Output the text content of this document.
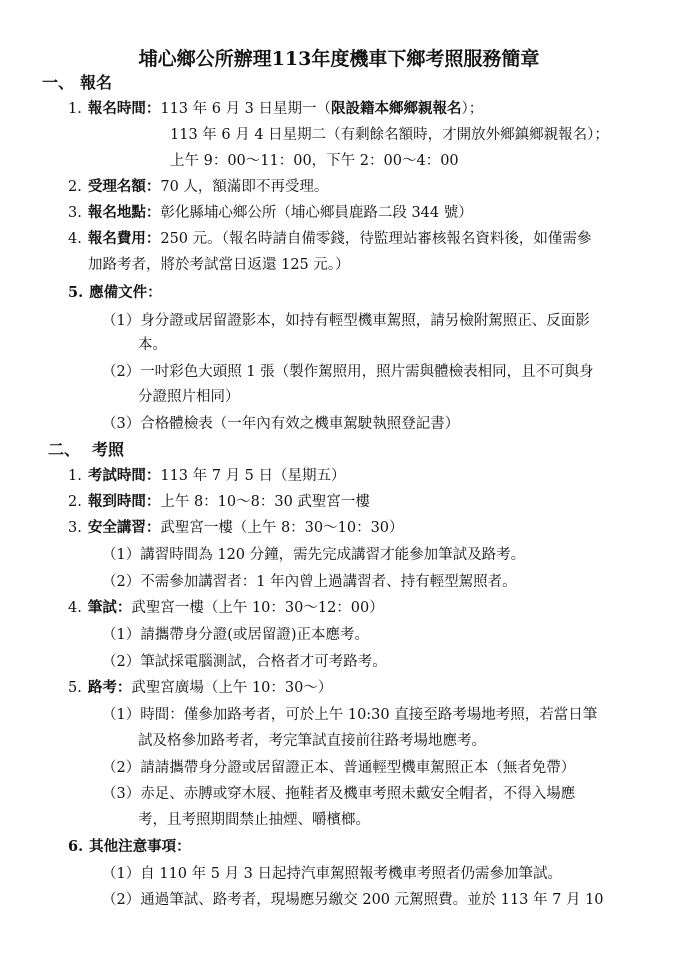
埔心鄉公所辦理113年度機車下鄉考照服務簡章
一、 報名
1. 報名時間：113 年 6 月 3 日星期一（限設籍本鄉鄉親報名）；
113 年 6 月 4 日星期二（有剩餘名額時，才開放外鄉鎮鄉親報名）；
上午 9：00～11：00，下午 2：00～4：00
2. 受理名額：70 人，額滿即不再受理。
3. 報名地點：彰化縣埔心鄉公所（埔心鄉員鹿路二段 344 號）
4. 報名費用：250 元。（報名時請自備零錢，待監理站審核報名資料後，如僅需參
加路考者，將於考試當日返還 125 元。）
5. 應備文件：
（1）身分證或居留證影本，如持有輕型機車駕照，請另檢附駕照正、反面影
本。
（2）一吋彩色大頭照 1 張（製作駕照用，照片需與體檢表相同，且不可與身
分證照片相同）
（3）合格體檢表（一年內有效之機車駕駛執照登記書）
二、 考照
1. 考試時間：113 年 7 月 5 日（星期五）
2. 報到時間：上午 8：10～8：30 武聖宮一樓
3. 安全講習：武聖宮一樓（上午 8：30～10：30）
（1）講習時間為 120 分鐘，需先完成講習才能參加筆試及路考。
（2）不需參加講習者：1 年內曾上過講習者、持有輕型駕照者。
4. 筆試：武聖宮一樓（上午 10：30～12：00）
（1）請攜帶身分證(或居留證)正本應考。
（2）筆試採電腦測試，合格者才可考路考。
5. 路考：武聖宮廣場（上午 10：30～）
（1）時間：僅參加路考者，可於上午 10:30 直接至路考場地考照，若當日筆
試及格參加路考者，考完筆試直接前往路考場地應考。
（2）請請攜帶身分證或居留證正本、普通輕型機車駕照正本（無者免帶）
（3）赤足、赤膊或穿木屐、拖鞋者及機車考照未戴安全帽者，不得入場應
考，且考照期間禁止抽煙、嚼檳榔。
6. 其他注意事項：
（1）自 110 年 5 月 3 日起持汽車駕照報考機車考照者仍需參加筆試。
（2）通過筆試、路考者，現場應另繳交 200 元駕照費。並於 113 年 7 月 10
